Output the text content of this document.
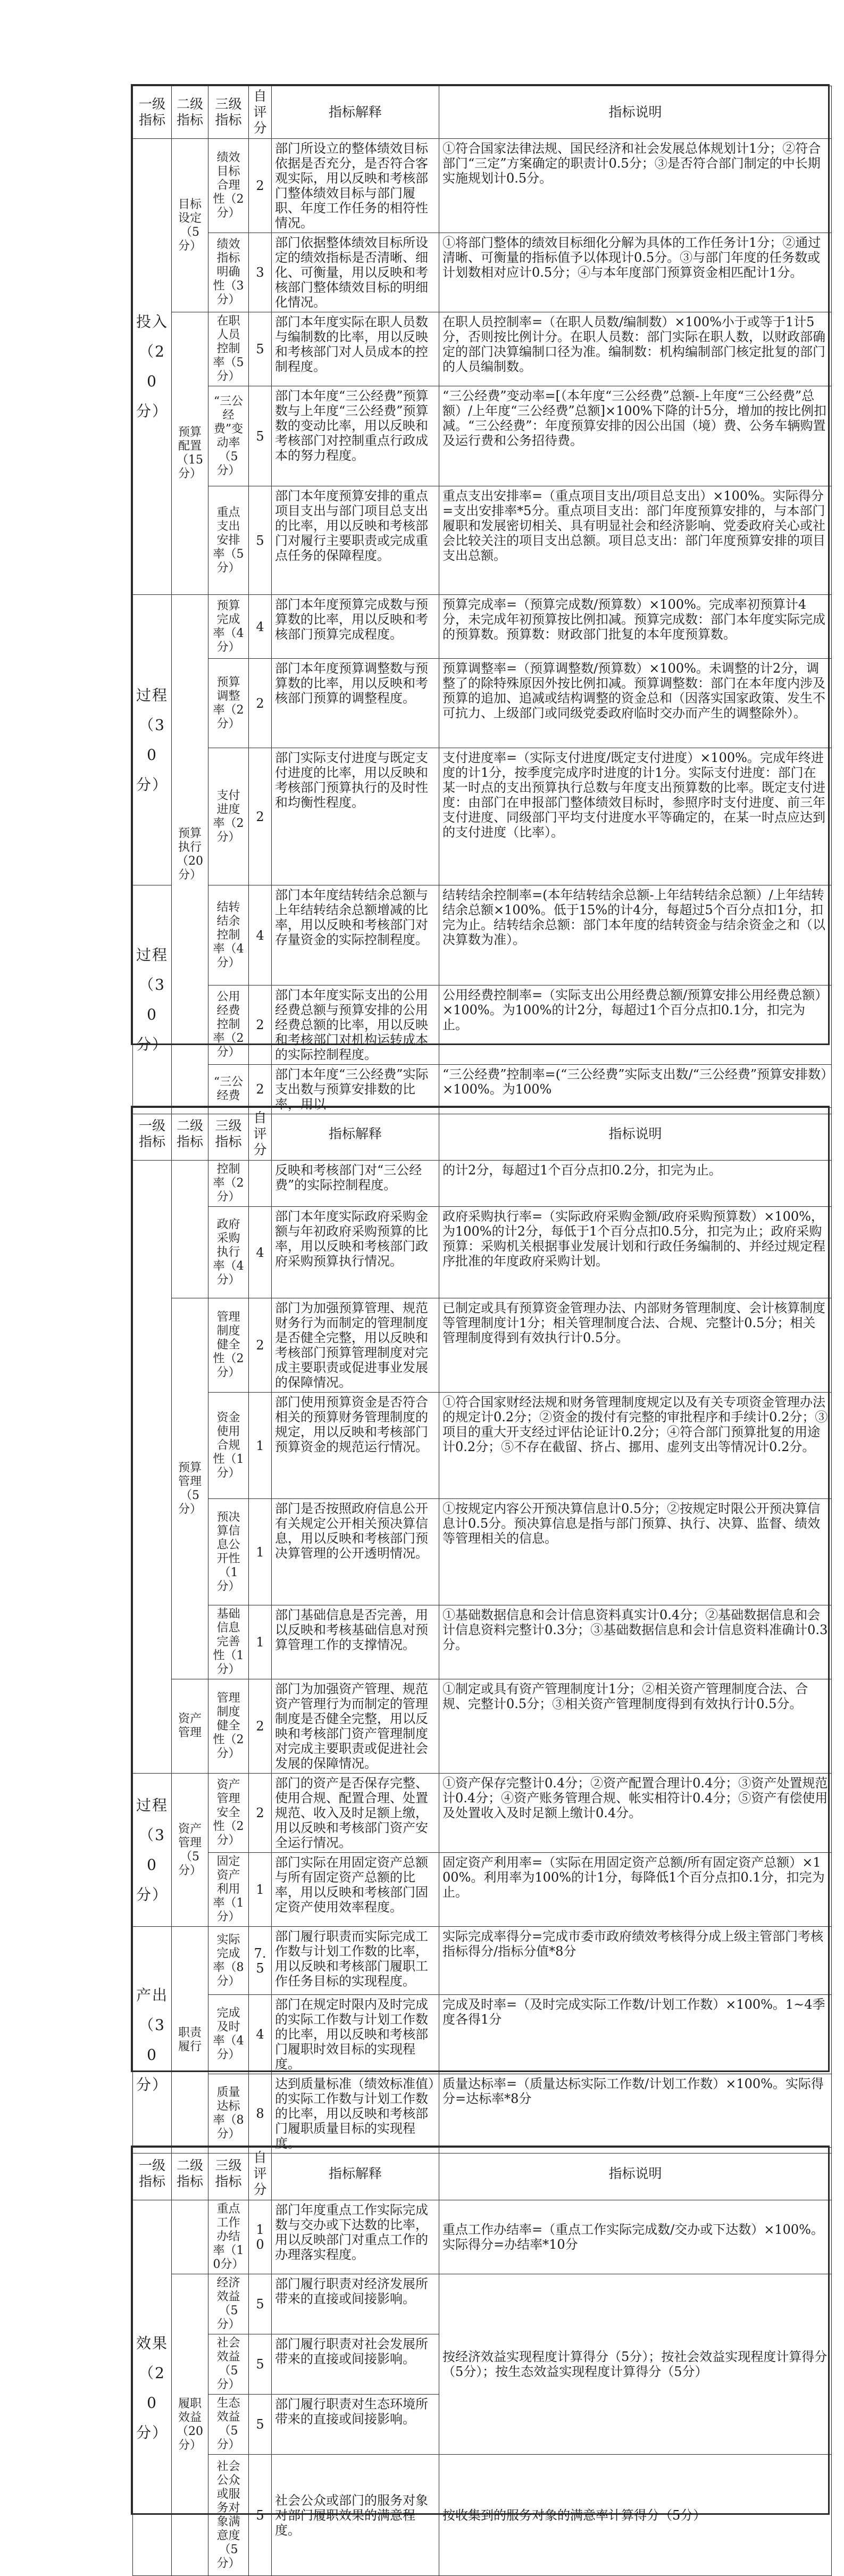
一级指标	二级指标	三级指标	自评分	指标解释	指标说明
投入（20分）	目标设定（5分）	绩效目标合理性（2分）	2	部门所设立的整体绩效目标依据是否充分，是否符合客观实际，用以反映和考核部门整体绩效目标与部门履职、年度工作任务的相符性情况。	①符合国家法律法规、国民经济和社会发展总体规划计1分；②符合部门“三定”方案确定的职责计0.5分；③是否符合部门制定的中长期实施规划计0.5分。
		绩效指标明确性（3分）	3	部门依据整体绩效目标所设定的绩效指标是否清晰、细化、可衡量，用以反映和考核部门整体绩效目标的明细化情况。	①将部门整体的绩效目标细化分解为具体的工作任务计1分；②通过清晰、可衡量的指标值予以体现计0.5分。③与部门年度的任务数或计划数相对应计0.5分；④与本年度部门预算资金相匹配计1分。
	预算配置（15分）	在职人员控制率（5分）	5	部门本年度实际在职人员数与编制数的比率，用以反映和考核部门对人员成本的控制程度。	在职人员控制率=（在职人员数/编制数）×100%小于或等于1计5分，否则按比例计分。在职人员数：部门实际在职人数，以财政部确定的部门决算编制口径为准。编制数：机构编制部门核定批复的部门的人员编制数。
		“三公经费”变动率（5分）	5	部门本年度“三公经费”预算数与上年度“三公经费”预算数的变动比率，用以反映和考核部门对控制重点行政成本的努力程度。	“三公经费”变动率=[（本年度“三公经费”总额-上年度“三公经费”总额）/上年度“三公经费”总额]×100%下降的计5分，增加的按比例扣减。“三公经费”：年度预算安排的因公出国（境）费、公务车辆购置及运行费和公务招待费。
		重点支出安排率（5分）	5	部门本年度预算安排的重点项目支出与部门项目总支出的比率，用以反映和考核部门对履行主要职责或完成重点任务的保障程度。	重点支出安排率=（重点项目支出/项目总支出）×100%。实际得分=支出安排率*5分。重点项目支出：部门年度预算安排的，与本部门履职和发展密切相关、具有明显社会和经济影响、党委政府关心或社会比较关注的项目支出总额。项目总支出：部门年度预算安排的项目支出总额。
过程（30分）	预算执行（20分）	预算完成率（4分）	4	部门本年度预算完成数与预算数的比率，用以反映和考核部门预算完成程度。	预算完成率=（预算完成数/预算数）×100%。完成率初预算计4分，未完成年初预算按比例扣减。预算完成数：部门本年度实际完成的预算数。预算数：财政部门批复的本年度预算数。
		预算调整率（2分）	2	部门本年度预算调整数与预算数的比率，用以反映和考核部门预算的调整程度。	预算调整率=（预算调整数/预算数）×100%。未调整的计2分，调整了的除特殊原因外按比例扣减。预算调整数：部门在本年度内涉及预算的追加、追减或结构调整的资金总和（因落实国家政策、发生不可抗力、上级部门或同级党委政府临时交办而产生的调整除外）。
		支付进度率（2分）	2	部门实际支付进度与既定支付进度的比率，用以反映和考核部门预算执行的及时性和均衡性程度。	支付进度率=（实际支付进度/既定支付进度）×100%。完成年终进度的计1分，按季度完成序时进度的计1分。实际支付进度：部门在某一时点的支出预算执行总数与年度支出预算数的比率。既定支付进度：由部门在申报部门整体绩效目标时，参照序时支付进度、前三年支付进度、同级部门平均支付进度水平等确定的，在某一时点应达到的支付进度（比率）。
过程（30分）		结转结余控制率（4分）	4	部门本年度结转结余总额与上年结转结余总额增减的比率，用以反映和考核部门对存量资金的实际控制程度。	结转结余控制率=(本年结转结余总额-上年结转结余总额）/上年结转结余总额×100%。低于15%的计4分，每超过5个百分点扣1分，扣完为止。结转结余总额：部门本年度的结转资金与结余资金之和（以决算数为准）。
		公用经费控制率（2分）	2	部门本年度实际支出的公用经费总额与预算安排的公用经费总额的比率，用以反映和考核部门对机构运转成本的实际控制程度。	公用经费控制率=（实际支出公用经费总额/预算安排公用经费总额）×100%。为100%的计2分，每超过1个百分点扣0.1分，扣完为止。
		“三公经费	2	部门本年度“三公经费”实际支出数与预算安排数的比率，用以	“三公经费”控制率=(“三公经费”实际支出数/“三公经费”预算安排数）×100%。为100%
一级指标	二级指标	三级指标	自评分	指标解释	指标说明
		控制率（2分）		反映和考核部门对“三公经费”的实际控制程度。	的计2分，每超过1个百分点扣0.2分，扣完为止。
		政府采购执行率（4分）	4	部门本年度实际政府采购金额与年初政府采购预算的比率，用以反映和考核部门政府采购预算执行情况。	政府采购执行率=（实际政府采购金额/政府采购预算数）×100%，为100%的计2分，每低于1个百分点扣0.5分，扣完为止；政府采购预算：采购机关根据事业发展计划和行政任务编制的、并经过规定程序批准的年度政府采购计划。
	预算管理（5分）	管理制度健全性（2分）	2	部门为加强预算管理、规范财务行为而制定的管理制度是否健全完整，用以反映和考核部门预算管理制度对完成主要职责或促进事业发展的保障情况。	已制定或具有预算资金管理办法、内部财务管理制度、会计核算制度等管理制度计1分；相关管理制度合法、合规、完整计0.5分；相关管理制度得到有效执行计0.5分。
		资金使用合规性（1分）	1	部门使用预算资金是否符合相关的预算财务管理制度的规定，用以反映和考核部门预算资金的规范运行情况。	①符合国家财经法规和财务管理制度规定以及有关专项资金管理办法的规定计0.2分；②资金的拨付有完整的审批程序和手续计0.2分；③项目的重大开支经过评估论证计0.2分；④符合部门预算批复的用途计0.2分；⑤不存在截留、挤占、挪用、虚列支出等情况计0.2分。
		预决算信息公开性（1分）	1	部门是否按照政府信息公开有关规定公开相关预决算信息，用以反映和考核部门预决算管理的公开透明情况。	①按规定内容公开预决算信息计0.5分；②按规定时限公开预决算信息计0.5分。预决算信息是指与部门预算、执行、决算、监督、绩效等管理相关的信息。
		基础信息完善性（1分）	1	部门基础信息是否完善，用以反映和考核基础信息对预算管理工作的支撑情况。	①基础数据信息和会计信息资料真实计0.4分；②基础数据信息和会计信息资料完整计0.3分；③基础数据信息和会计信息资料准确计0.3分。
	资产管理	管理制度健全性（2分）	2	部门为加强资产管理、规范资产管理行为而制定的管理制度是否健全完整，用以反映和考核部门资产管理制度对完成主要职责或促进社会发展的保障情况。	①制定或具有资产管理制度计1分；②相关资产管理制度合法、合规、完整计0.5分；③相关资产管理制度得到有效执行计0.5分。
过程（30分）	资产管理（5分）	资产管理安全性（2分）	2	部门的资产是否保存完整、使用合规、配置合理、处置规范、收入及时足额上缴，用以反映和考核部门资产安全运行情况。	①资产保存完整计0.4分；②资产配置合理计0.4分；③资产处置规范计0.4分；④资产账务管理合规、帐实相符计0.4分；⑤资产有偿使用及处置收入及时足额上缴计0.4分。
		固定资产利用率（1分）	1	部门实际在用固定资产总额与所有固定资产总额的比率，用以反映和考核部门固定资产使用效率程度。	固定资产利用率=（实际在用固定资产总额/所有固定资产总额）×100%。利用率为100%的计1分，每降低1个百分点扣0.1分，扣完为止。
产出（30分）	职责履行	实际完成率（8分）	7.5	部门履行职责而实际完成工作数与计划工作数的比率，用以反映和考核部门履职工作任务目标的实现程度。	实际完成率得分=完成市委市政府绩效考核得分成上级主管部门考核指标得分/指标分值*8分
		完成及时率（4分）	4	部门在规定时限内及时完成的实际工作数与计划工作数的比率，用以反映和考核部门履职时效目标的实现程度。	完成及时率=（及时完成实际工作数/计划工作数）×100%。1~4季度各得1分
		质量达标率（8分）	8	达到质量标准（绩效标准值）的实际工作数与计划工作数的比率，用以反映和考核部门履职质量目标的实现程度。	质量达标率=（质量达标实际工作数/计划工作数）×100%。实际得分=达标率*8分
一级指标	二级指标	三级指标	自评分	指标解释	指标说明
效果（20分）		重点工作办结率（10分）	10	部门年度重点工作实际完成数与交办或下达数的比率，用以反映部门对重点工作的办理落实程度。	重点工作办结率=（重点工作实际完成数/交办或下达数）×100%。实际得分=办结率*10分
	履职效益（20分）	经济效益（5分）	5	部门履行职责对经济发展所带来的直接或间接影响。	按经济效益实现程度计算得分（5分）；按社会效益实现程度计算得分（5分）；按生态效益实现程度计算得分（5分）
		社会效益（5分）	5	部门履行职责对社会发展所带来的直接或间接影响。	
		生态效益（5分）	5	部门履行职责对生态环境所带来的直接或间接影响。	
		社会公众或服务对象满意度（5分）	5	社会公众或部门的服务对象对部门履职效果的满意程度。	按收集到的服务对象的满意率计算得分（5分）
